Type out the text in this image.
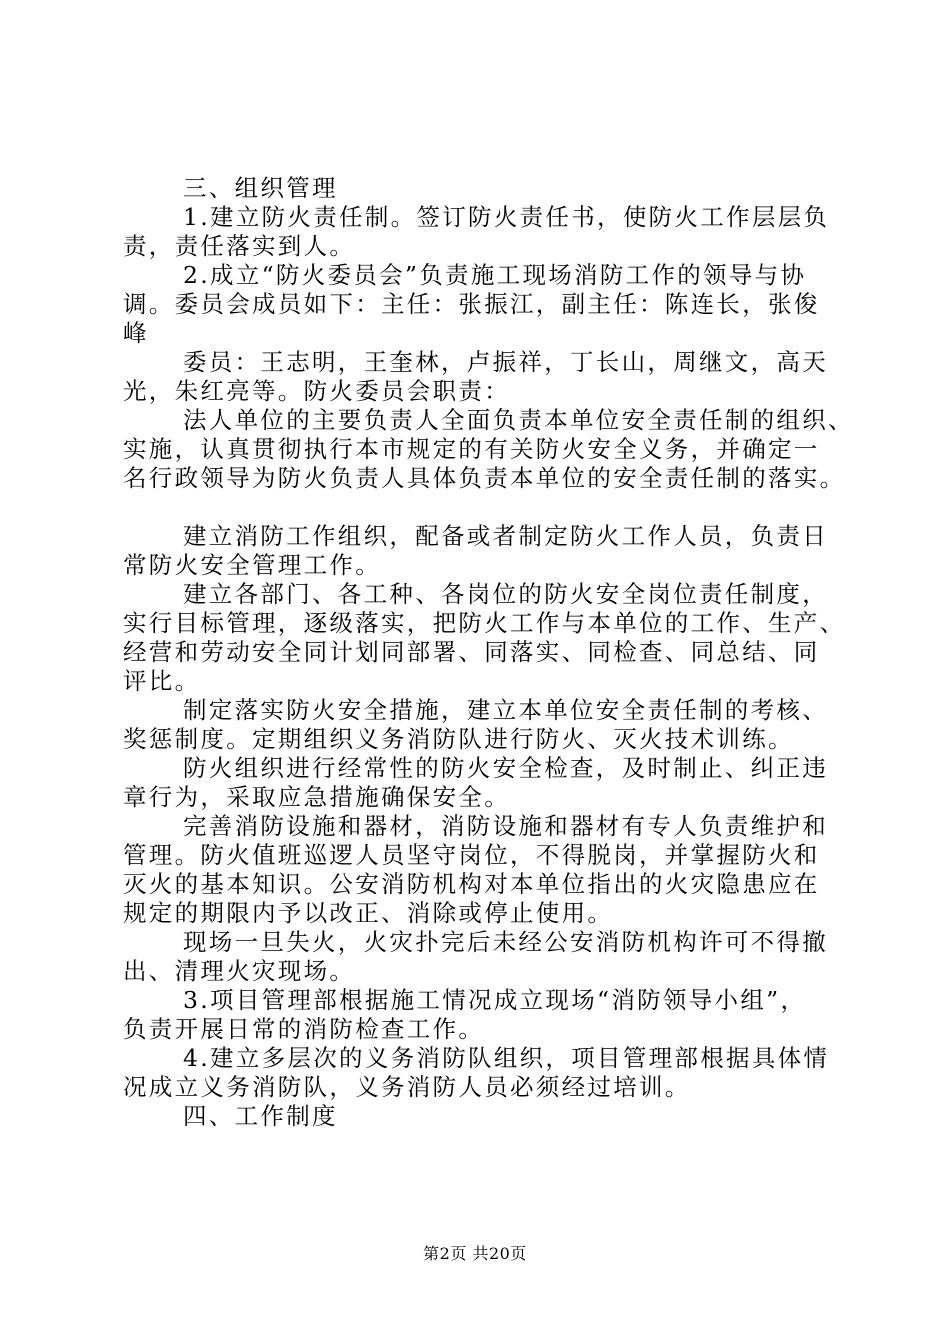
三、组织管理
1.建立防火责任制。签订防火责任书，使防火工作层层负
责，责任落实到人。
2.成立“防火委员会”负责施工现场消防工作的领导与协
调。委员会成员如下：主任：张振江，副主任：陈连长，张俊
峰
委员：王志明，王奎林，卢振祥，丁长山，周继文，高天
光，朱红亮等。防火委员会职责：
法人单位的主要负责人全面负责本单位安全责任制的组织、
实施，认真贯彻执行本市规定的有关防火安全义务，并确定一
名行政领导为防火负责人具体负责本单位的安全责任制的落实。
建立消防工作组织，配备或者制定防火工作人员，负责日
常防火安全管理工作。
建立各部门、各工种、各岗位的防火安全岗位责任制度，
实行目标管理，逐级落实，把防火工作与本单位的工作、生产、
经营和劳动安全同计划同部署、同落实、同检查、同总结、同
评比。
制定落实防火安全措施，建立本单位安全责任制的考核、
奖惩制度。定期组织义务消防队进行防火、灭火技术训练。
防火组织进行经常性的防火安全检查，及时制止、纠正违
章行为，采取应急措施确保安全。
完善消防设施和器材，消防设施和器材有专人负责维护和
管理。防火值班巡逻人员坚守岗位，不得脱岗，并掌握防火和
灭火的基本知识。公安消防机构对本单位指出的火灾隐患应在
规定的期限内予以改正、消除或停止使用。
现场一旦失火，火灾扑完后未经公安消防机构许可不得撤
出、清理火灾现场。
3.项目管理部根据施工情况成立现场“消防领导小组”，
负责开展日常的消防检查工作。
4.建立多层次的义务消防队组织，项目管理部根据具体情
况成立义务消防队，义务消防人员必须经过培训。
四、工作制度
第2页 共20页
